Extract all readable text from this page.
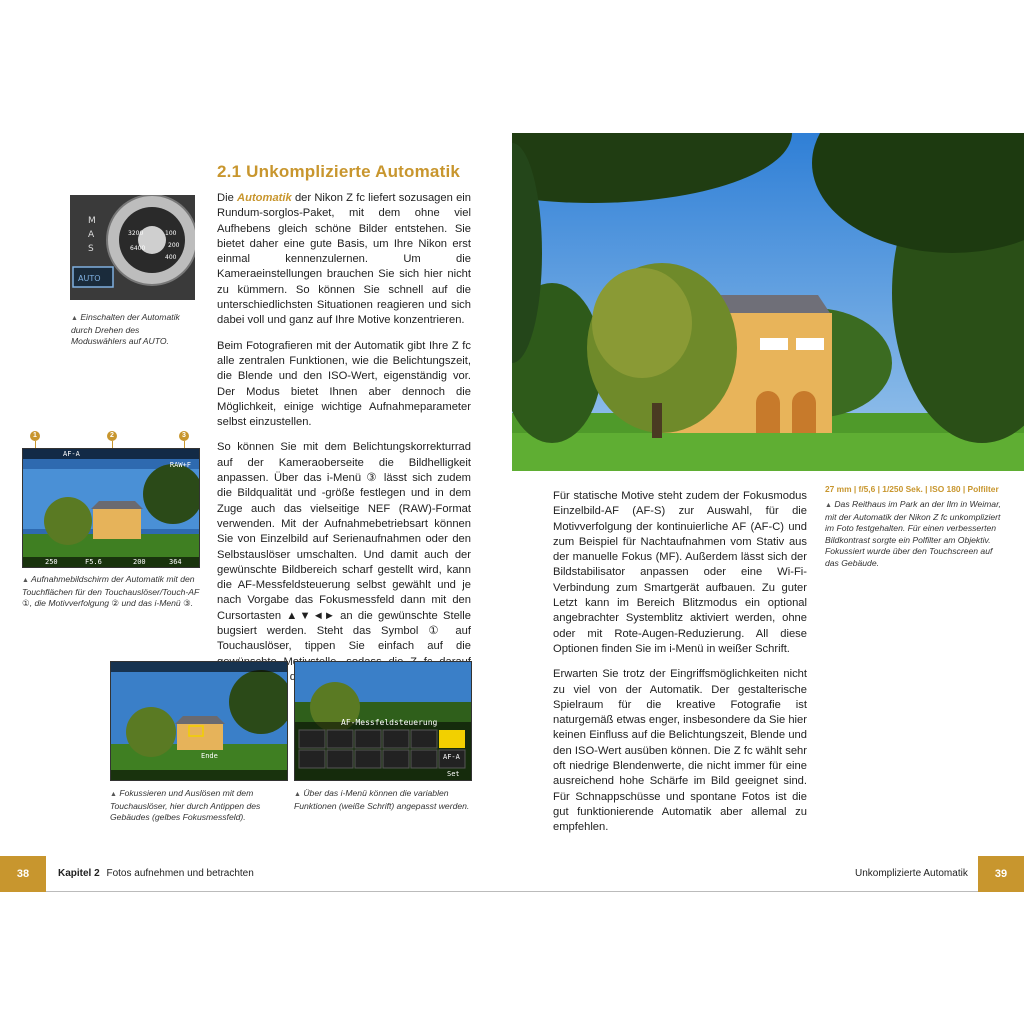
2.1 Unkomplizierte Automatik
M
A
S
100
200
400
3200
6400
AUTO
▲ Einschalten der Automatik durch Drehen des Moduswählers auf AUTO.
1	2	3
250	F5.6	200	364
RAW+F
AF-A
▲ Aufnahmebildschirm der Automatik mit den Touchflächen für den Touchauslöser/Touch-AF ①, die Motivverfolgung ② und das i-Menü ③.

Die Automatik der Nikon Z fc liefert sozusagen ein Rundum-sorglos-Paket, mit dem ohne viel Aufhebens gleich schöne Bilder entstehen. Sie bietet daher eine gute Basis, um Ihre Nikon erst einmal kennenzulernen. Um die Kameraeinstellungen brauchen Sie sich hier nicht zu kümmern. So können Sie schnell auf die unterschiedlichsten Situationen reagieren und sich dabei voll und ganz auf Ihre Motive konzentrieren.

Beim Fotografieren mit der Automatik gibt Ihre Z fc alle zentralen Funktionen, wie die Belichtungszeit, die Blende und den ISO-Wert, eigenständig vor. Der Modus bietet Ihnen aber dennoch die Möglichkeit, einige wichtige Aufnahmeparameter selbst einzustellen.

So können Sie mit dem Belichtungskorrekturrad auf der Kameraoberseite die Bildhelligkeit anpassen. Über das i-Menü ③ lässt sich zudem die Bildqualität und -größe festlegen und in dem Zuge auch das vielseitige NEF (RAW)-Format verwenden. Mit der Aufnahmebetriebsart können Sie von Einzelbild auf Serienaufnahmen oder den Selbstauslöser umschalten. Und damit auch der gewünschte Bildbereich scharf gestellt wird, kann die AF-Messfeldsteuerung selbst gewählt und je nach Vorgabe das Fokusmessfeld dann mit den Cursortasten ▲▼◄► an die gewünschte Stelle bugsiert werden. Steht das Symbol ① auf Touchauslöser, tippen Sie einfach auf die

Ende
▲ Fokussieren und Auslösen mit dem Touchauslöser, hier durch Antippen des Gebäudes (gelbes Fokusmessfeld).
AF-Messfeldsteuerung
AF-A
Set
▲ Über das i-Menü können die variablen Funktionen (weiße Schrift) angepasst werden.
27 mm | f/5,6 | 1/250 Sek. | ISO 180 | Polfilter
▲ Das Reithaus im Park an der Ilm in Weimar, mit der Automatik der Nikon Z fc unkompliziert im Foto festgehalten. Für einen verbesserten Bildkontrast sorgte ein Polfilter am Objektiv. Fokussiert wurde über den Touchscreen auf das Gebäude.

Für statische Motive steht zudem der Fokusmodus Einzelbild-AF (AF-S) zur Auswahl, für die Motivverfolgung der kontinuierliche AF (AF-C) und zum Beispiel für Nachtaufnahmen vom Stativ aus der manuelle Fokus (MF). Außerdem lässt sich der Bildstabilisator anpassen oder eine Wi-Fi-Verbindung zum Smartgerät aufbauen. Zu guter Letzt kann im Bereich Blitzmodus ein optional angebrachter Systemblitz aktiviert werden, ohne oder mit Rote-Augen-Reduzierung. All diese Optionen finden Sie im i-Menü in weißer Schrift.

Erwarten Sie trotz der Eingriffsmöglichkeiten nicht zu viel von der Automatik. Der gestalterische Spielraum für die kreative Fotografie ist naturgemäß etwas enger, insbesondere da Sie hier keinen Einfluss auf die Belichtungszeit, Blende und den ISO-Wert ausüben können. Die Z fc wählt sehr oft niedrige Blendenwerte, die nicht immer für eine ausreichend hohe Schärfe im Bild geeignet sind. Für Schnappschüsse und spontane Fotos ist die gut funktionierende Automatik aber allemal zu empfehlen.

38	Kapitel 2 Fotos aufnehmen und betrachten	Unkomplizierte Automatik	39
